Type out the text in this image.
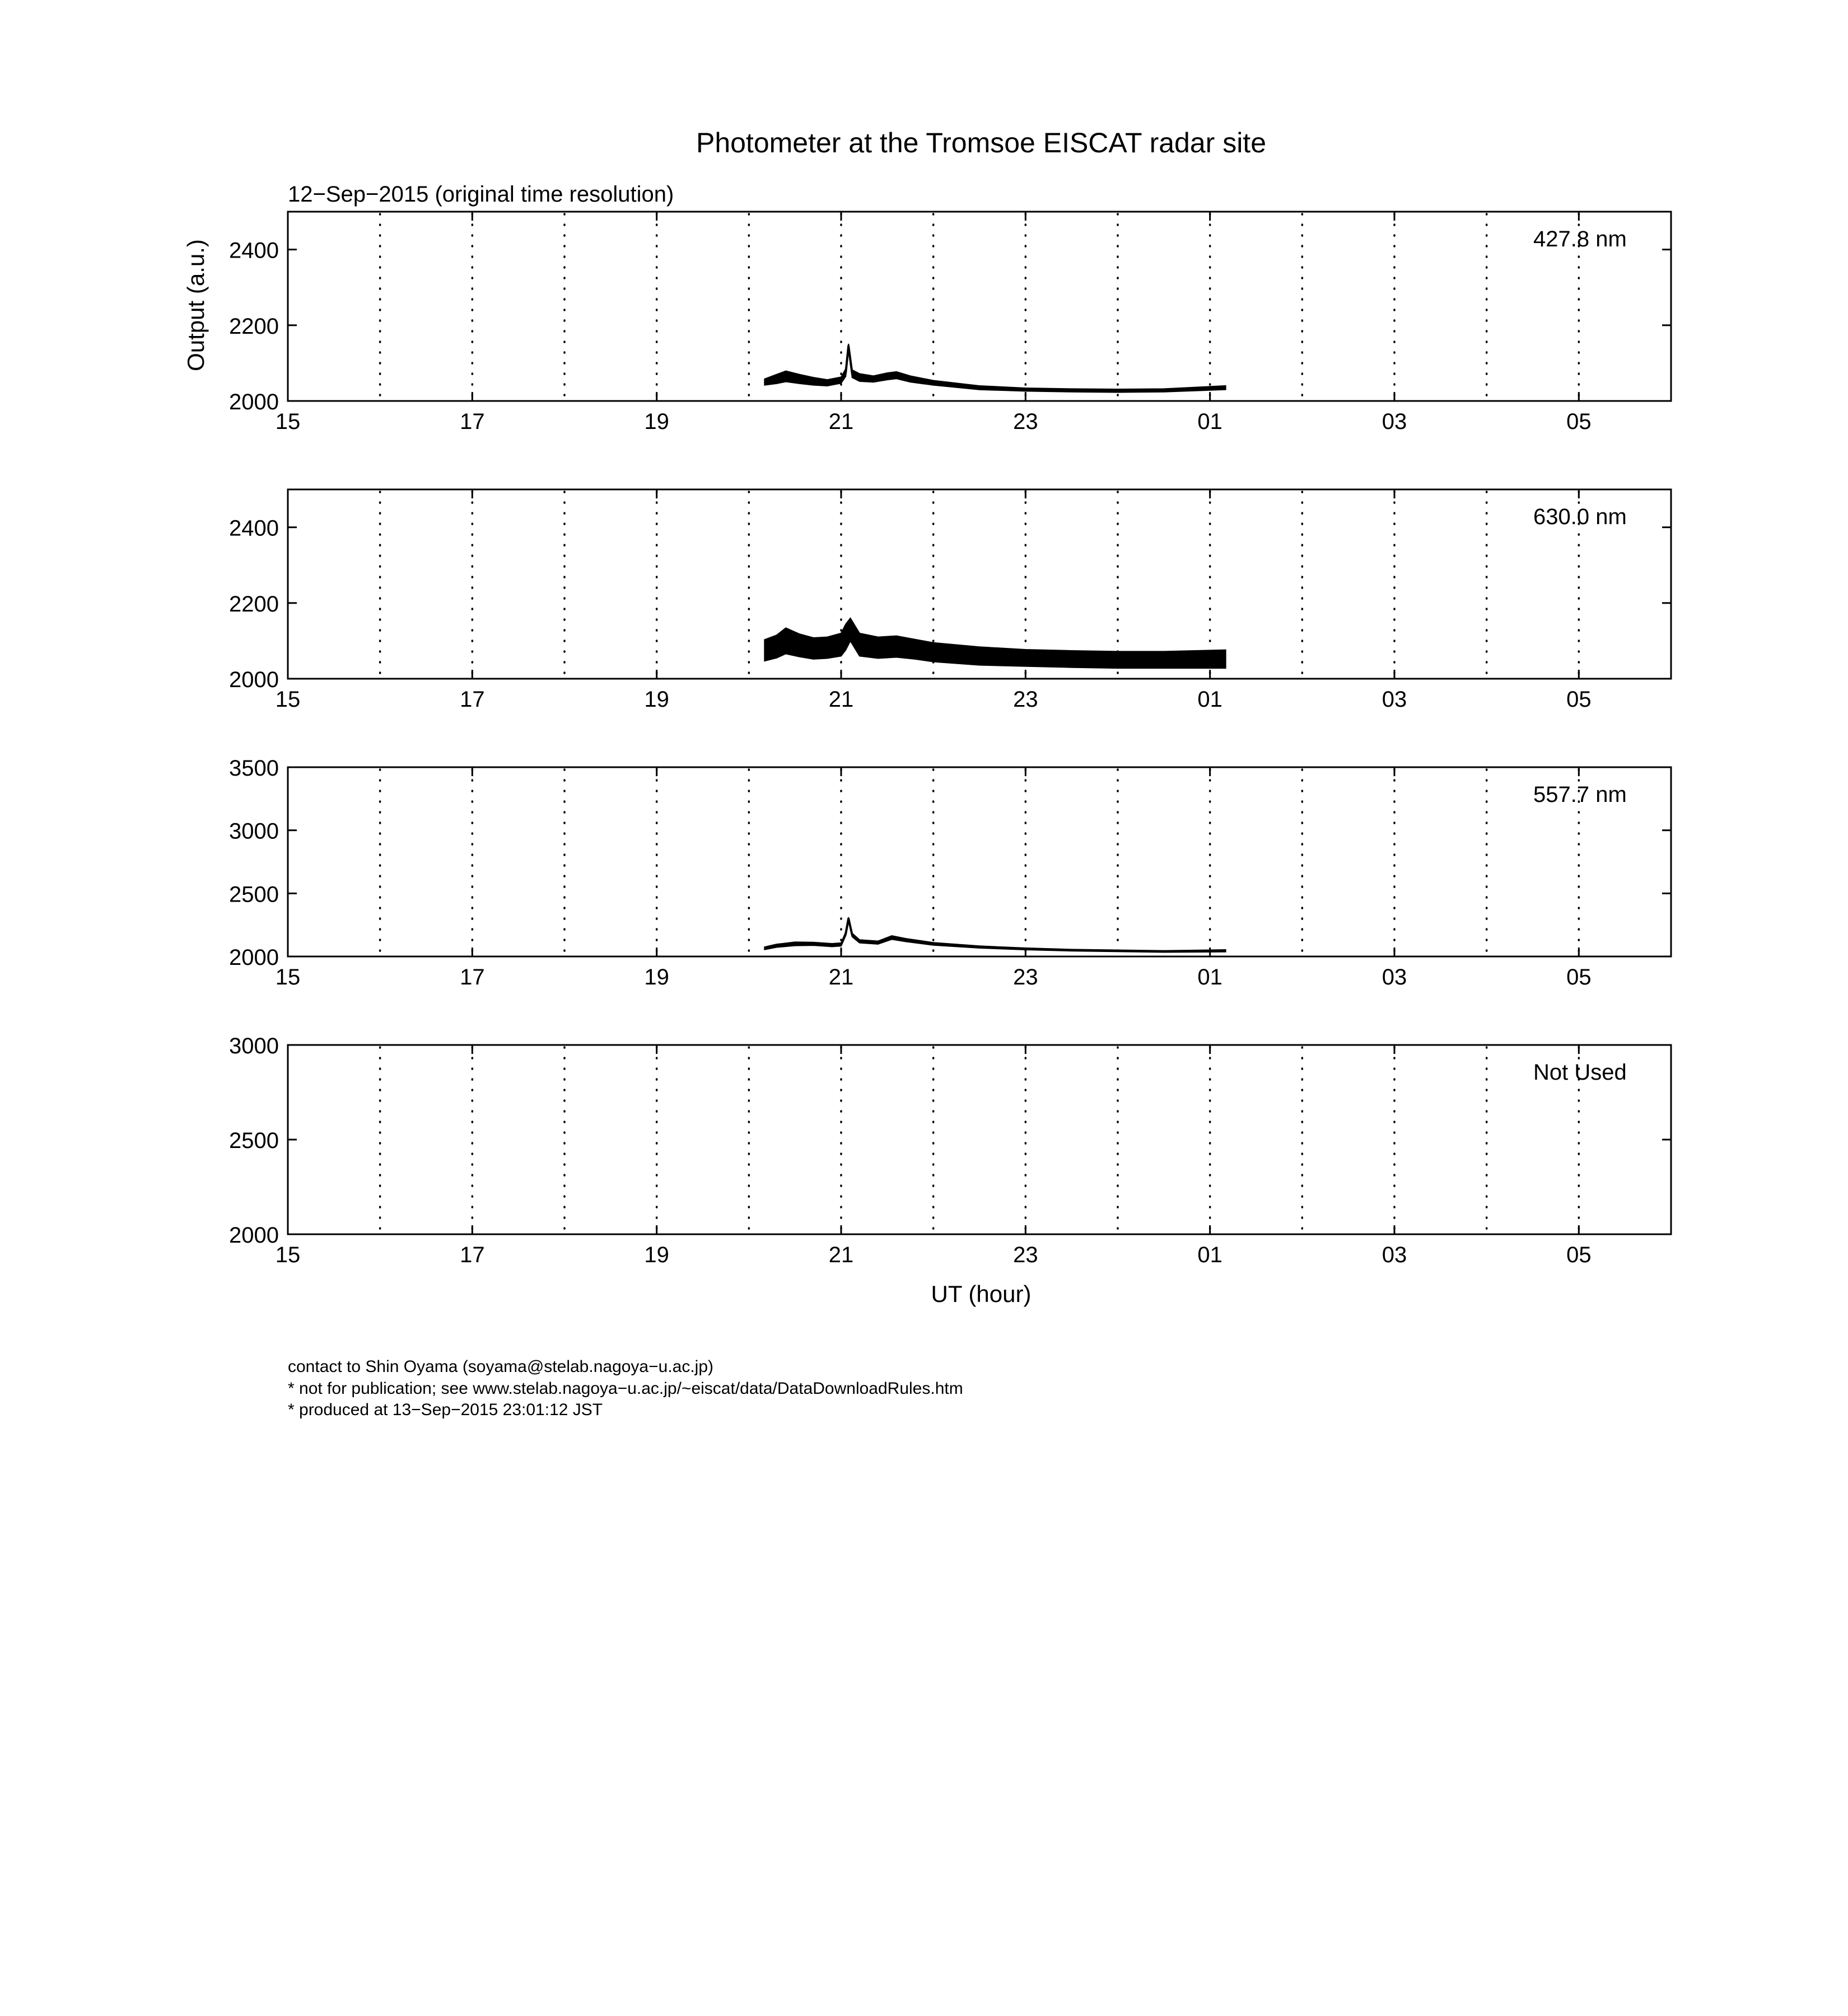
Photometer at the Tromsoe EISCAT radar site
12−Sep−2015 (original time resolution)
Output (a.u.)
UT (hour)
15	17	19	21	23	01	03	05
2000
2200
2400	427.8 nm
15	17	19	21	23	01	03	05
2000
2200
2400	630.0 nm
15	17	19	21	23	01	03	05
2000
2500
3000
3500
557.7 nm
15	17	19	21	23	01	03	05
2000
2500
3000
Not Used
contact to Shin Oyama (soyama@stelab.nagoya−u.ac.jp)
* not for publication; see www.stelab.nagoya−u.ac.jp/~eiscat/data/DataDownloadRules.htm
* produced at 13−Sep−2015 23:01:12 JST
